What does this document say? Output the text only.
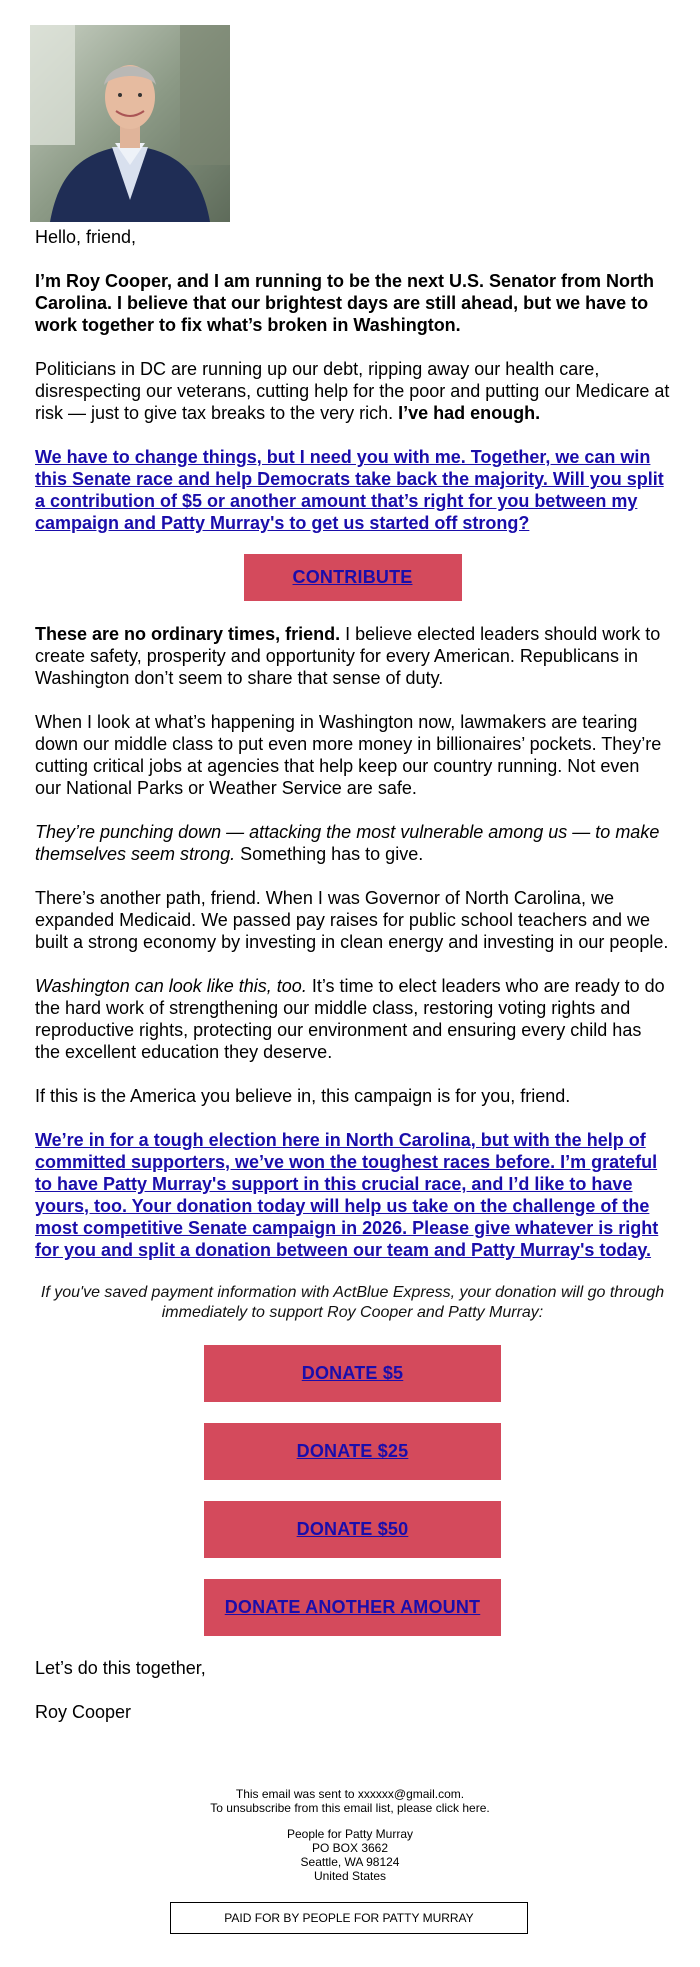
Hello, friend,

I’m Roy Cooper, and I am running to be the next U.S. Senator from North Carolina. I believe that our brightest days are still ahead, but we have to work together to fix what’s broken in Washington.

Politicians in DC are running up our debt, ripping away our health care, disrespecting our veterans, cutting help for the poor and putting our Medicare at risk — just to give tax breaks to the very rich. I’ve had enough.

We have to change things, but I need you with me. Together, we can win this Senate race and help Democrats take back the majority. Will you split a contribution of $5 or another amount that’s right for you between my campaign and Patty Murray's to get us started off strong?

CONTRIBUTE

These are no ordinary times, friend. I believe elected leaders should work to create safety, prosperity and opportunity for every American. Republicans in Washington don’t seem to share that sense of duty.

When I look at what’s happening in Washington now, lawmakers are tearing down our middle class to put even more money in billionaires’ pockets. They’re cutting critical jobs at agencies that help keep our country running. Not even our National Parks or Weather Service are safe.

They’re punching down — attacking the most vulnerable among us — to make themselves seem strong. Something has to give.

There’s another path, friend. When I was Governor of North Carolina, we expanded Medicaid. We passed pay raises for public school teachers and we built a strong economy by investing in clean energy and investing in our people.

Washington can look like this, too. It’s time to elect leaders who are ready to do the hard work of strengthening our middle class, restoring voting rights and reproductive rights, protecting our environment and ensuring every child has the excellent education they deserve.

If this is the America you believe in, this campaign is for you, friend.

We’re in for a tough election here in North Carolina, but with the help of committed supporters, we’ve won the toughest races before. I’m grateful to have Patty Murray's support in this crucial race, and I’d like to have yours, too. Your donation today will help us take on the challenge of the most competitive Senate campaign in 2026. Please give whatever is right for you and split a donation between our team and Patty Murray's today.

If you've saved payment information with ActBlue Express, your donation will go through immediately to support Roy Cooper and Patty Murray:

DONATE $5
DONATE $25
DONATE $50
DONATE ANOTHER AMOUNT

Let’s do this together,

Roy Cooper

This email was sent to xxxxxx@gmail.com.
To unsubscribe from this email list, please click here.

People for Patty Murray
PO BOX 3662
Seattle, WA 98124
United States

PAID FOR BY PEOPLE FOR PATTY MURRAY
